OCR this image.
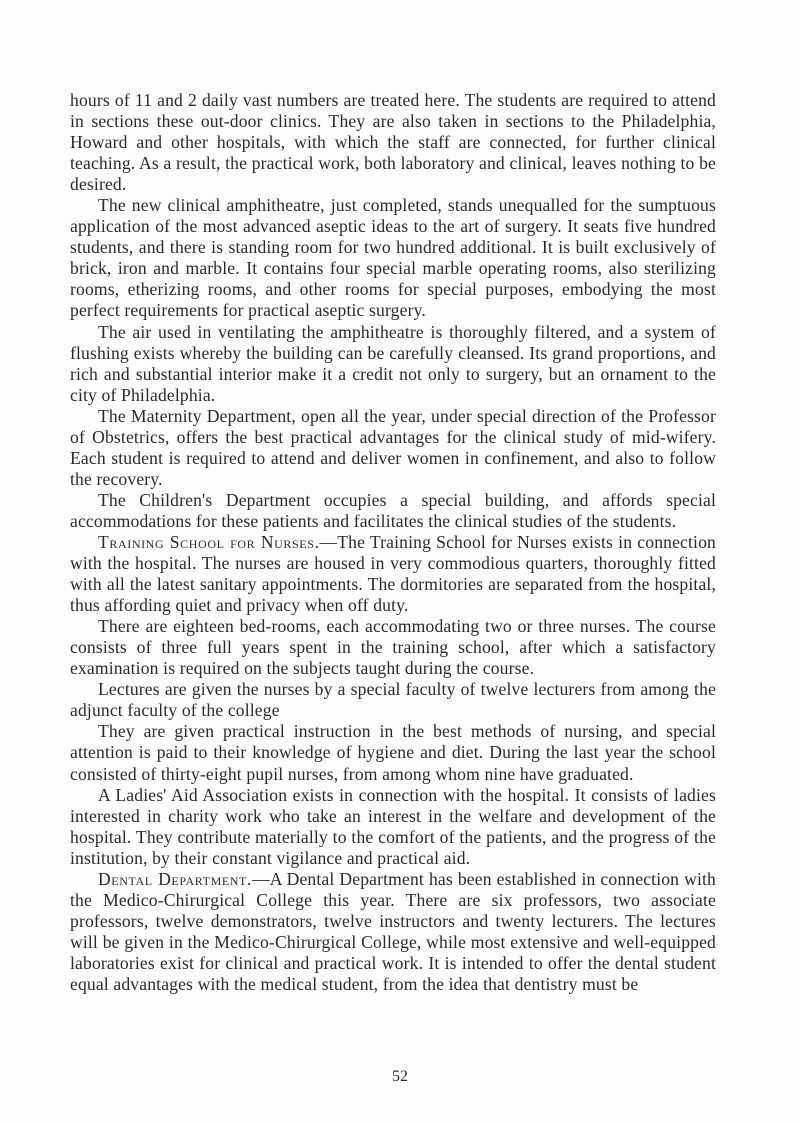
hours of 11 and 2 daily vast numbers are treated here. The students are required to attend in sections these out-door clinics. They are also taken in sections to the Philadelphia, Howard and other hospitals, with which the staff are connected, for further clinical teaching. As a result, the practical work, both laboratory and clinical, leaves nothing to be desired.

The new clinical amphitheatre, just completed, stands unequalled for the sumptuous application of the most advanced aseptic ideas to the art of surgery. It seats five hundred students, and there is standing room for two hundred additional. It is built exclusively of brick, iron and marble. It contains four special marble operating rooms, also sterilizing rooms, etherizing rooms, and other rooms for special purposes, embodying the most perfect requirements for practical aseptic surgery.

The air used in ventilating the amphitheatre is thoroughly filtered, and a system of flushing exists whereby the building can be carefully cleansed. Its grand proportions, and rich and substantial interior make it a credit not only to surgery, but an ornament to the city of Philadelphia.

The Maternity Department, open all the year, under special direction of the Professor of Obstetrics, offers the best practical advantages for the clinical study of mid-wifery. Each student is required to attend and deliver women in confinement, and also to follow the recovery.

The Children's Department occupies a special building, and affords special accommodations for these patients and facilitates the clinical studies of the students.

Training School for Nurses.—The Training School for Nurses exists in connection with the hospital. The nurses are housed in very commodious quarters, thoroughly fitted with all the latest sanitary appointments. The dormitories are separated from the hospital, thus affording quiet and privacy when off duty.

There are eighteen bed-rooms, each accommodating two or three nurses. The course consists of three full years spent in the training school, after which a satisfactory examination is required on the subjects taught during the course.

Lectures are given the nurses by a special faculty of twelve lecturers from among the adjunct faculty of the college

They are given practical instruction in the best methods of nursing, and special attention is paid to their knowledge of hygiene and diet. During the last year the school consisted of thirty-eight pupil nurses, from among whom nine have graduated.

A Ladies' Aid Association exists in connection with the hospital. It consists of ladies interested in charity work who take an interest in the welfare and development of the hospital. They contribute materially to the comfort of the patients, and the progress of the institution, by their constant vigilance and practical aid.

Dental Department.—A Dental Department has been established in connection with the Medico-Chirurgical College this year. There are six professors, two associate professors, twelve demonstrators, twelve instructors and twenty lecturers. The lectures will be given in the Medico-Chirurgical College, while most extensive and well-equipped laboratories exist for clinical and practical work. It is intended to offer the dental student equal advantages with the medical student, from the idea that dentistry must be

52
